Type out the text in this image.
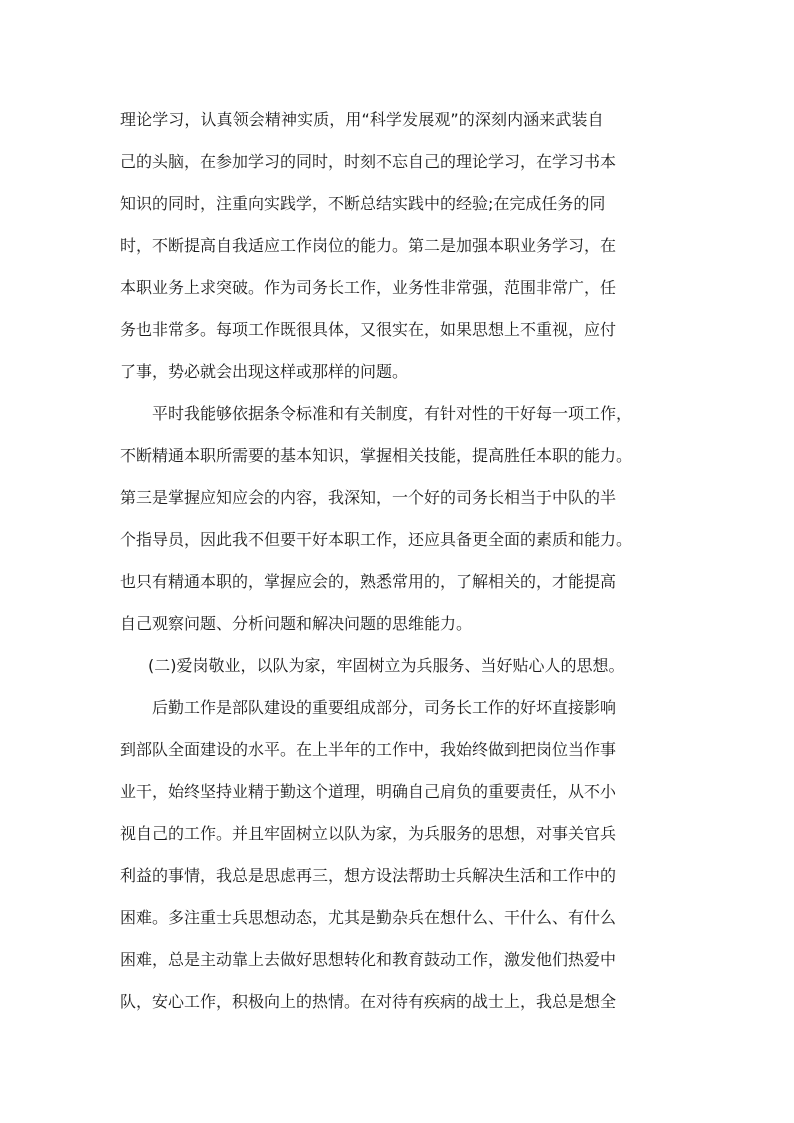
理论学习，认真领会精神实质，用“科学发展观”的深刻内涵来武装自
己的头脑，在参加学习的同时，时刻不忘自己的理论学习，在学习书本
知识的同时，注重向实践学，不断总结实践中的经验;在完成任务的同
时，不断提高自我适应工作岗位的能力。第二是加强本职业务学习，在
本职业务上求突破。作为司务长工作，业务性非常强，范围非常广，任
务也非常多。每项工作既很具体，又很实在，如果思想上不重视，应付
了事，势必就会出现这样或那样的问题。
平时我能够依据条令标准和有关制度，有针对性的干好每一项工作，
不断精通本职所需要的基本知识，掌握相关技能，提高胜任本职的能力。
第三是掌握应知应会的内容，我深知，一个好的司务长相当于中队的半
个指导员，因此我不但要干好本职工作，还应具备更全面的素质和能力。
也只有精通本职的，掌握应会的，熟悉常用的，了解相关的，才能提高
自己观察问题、分析问题和解决问题的思维能力。
(二)爱岗敬业，以队为家，牢固树立为兵服务、当好贴心人的思想。
后勤工作是部队建设的重要组成部分，司务长工作的好坏直接影响
到部队全面建设的水平。在上半年的工作中，我始终做到把岗位当作事
业干，始终坚持业精于勤这个道理，明确自己肩负的重要责任，从不小
视自己的工作。并且牢固树立以队为家，为兵服务的思想，对事关官兵
利益的事情，我总是思虑再三，想方设法帮助士兵解决生活和工作中的
困难。多注重士兵思想动态，尤其是勤杂兵在想什么、干什么、有什么
困难，总是主动靠上去做好思想转化和教育鼓动工作，激发他们热爱中
队，安心工作，积极向上的热情。在对待有疾病的战士上，我总是想全
